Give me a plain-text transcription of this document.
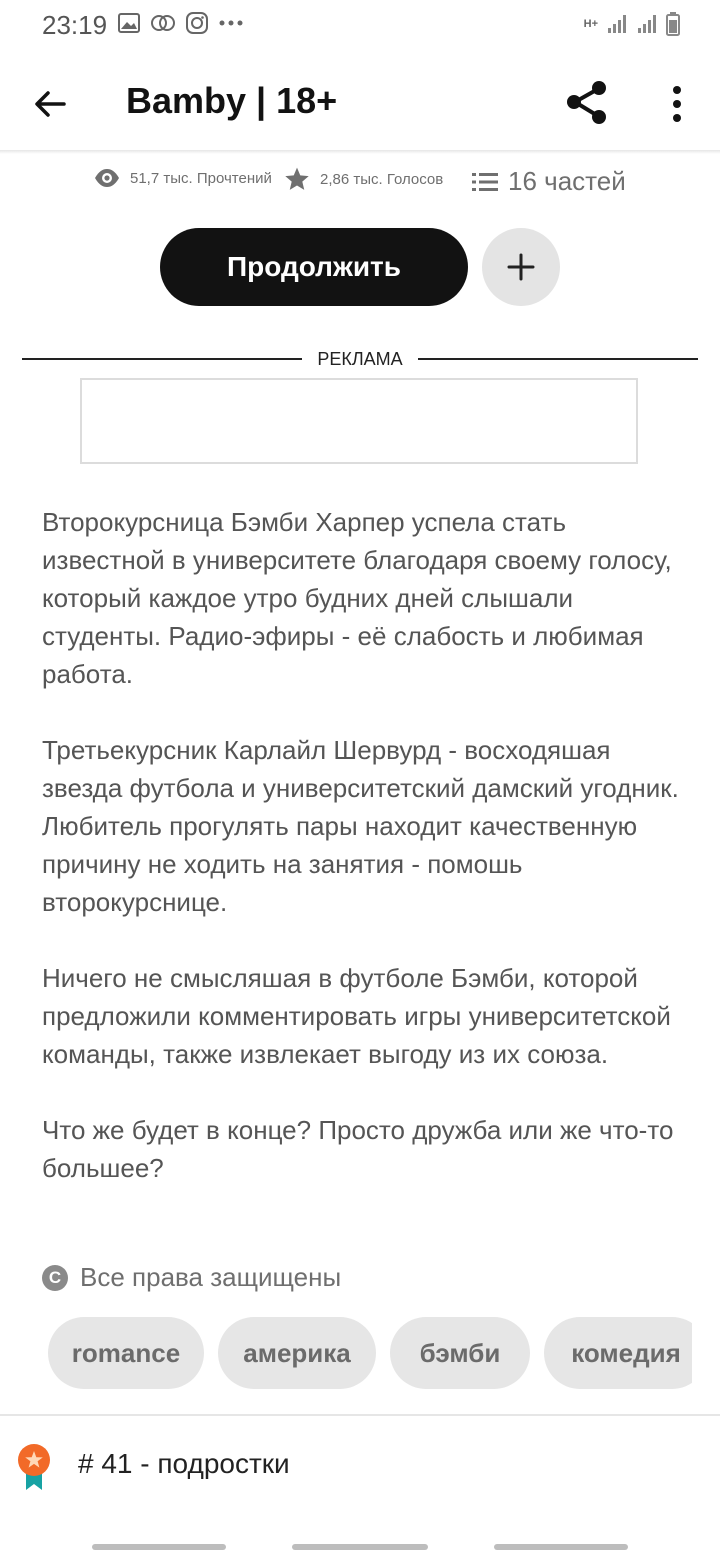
23:19	H+
Bamby | 18+
51,7 тыс. Прочтений	2,86 тыс. Голосов 16 частей
Продолжить
РЕКЛАМА

Второкурсница Бэмби Харпер успела стать известной в университете благодаря своему голосу, который каждое утро будних дней слышали студенты. Радио-эфиры - её слабость и любимая работа.

Третьекурсник Карлайл Шервурд - восходяшая звезда футбола и университетский дамский угодник. Любитель прогулять пары находит качественную причину не ходить на занятия - помошь второкурснице.

Ничего не смысляшая в футболе Бэмби, которой предложили комментировать игры университетской команды, также извлекает выгоду из их союза.

Что же будет в конце? Просто дружба или же что-то большее?

C Все права защищены
romance	америка	бэмби	комедия
# 41 - подростки
